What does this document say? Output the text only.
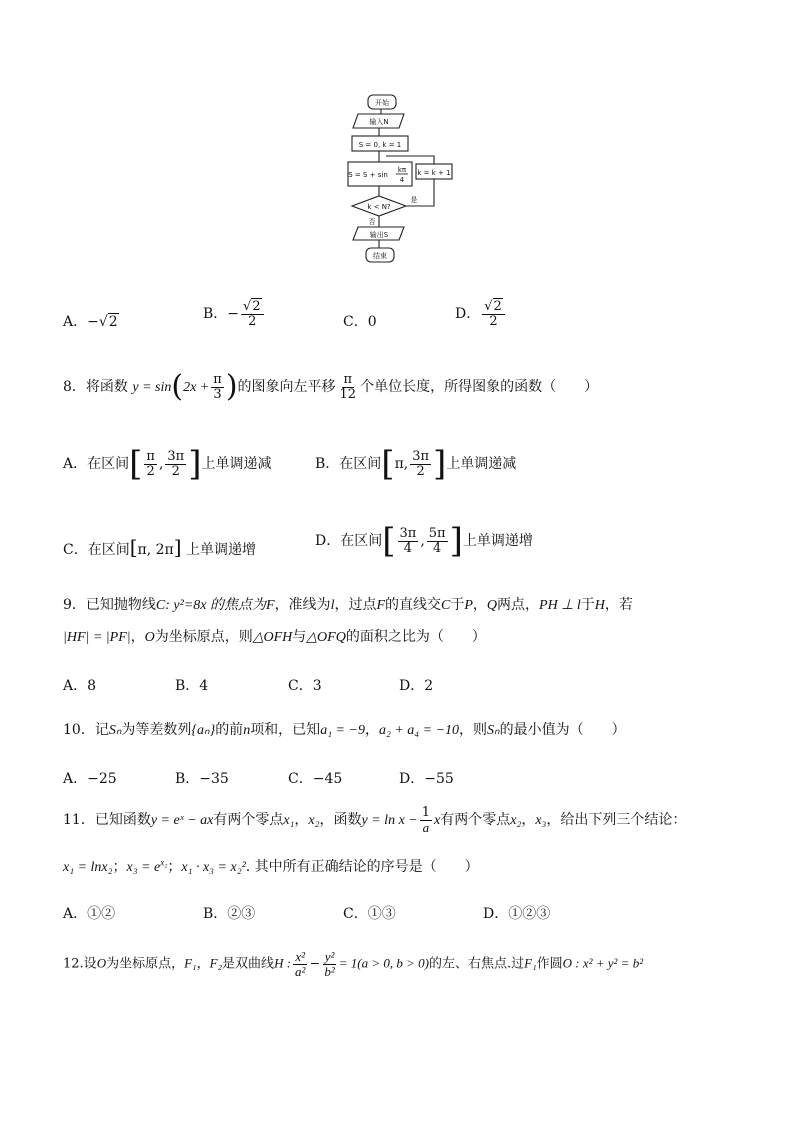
开始
输入N
S = 0, k = 1
S = S + sin
kπ
4
k = k + 1
k < N?
是
否
输出S
结束
A．−√2	B．− $\frac{√2}{2}$	C．0	D． $\frac{√2}{2}$
8．将函数 $y = \sin(2x + \frac{\pi}{3}$ )的图象向左平移 $\frac{\pi}{12}$ 个单位长度，所得图象的函数（　　）
A．在区间[ $\frac{\pi}{2}$ , $\frac{3\pi}{2}$ ]上单调递减	B．在区间[π, $\frac{3\pi}{2}$ ]上单调递减
C．在区间[π, 2π] 上单调递增
D．在区间[ $\frac{3\pi}{4}$ , $\frac{5\pi}{4}$ ]上单调递增
9．已知抛物线C: y²=8x 的焦点为F，准线为l，过点F的直线交C于P，Q两点，PH ⊥ l于H，若
|HF| = |PF|，O为坐标原点，则△OFH与△OFQ的面积之比为（　　）
A．8	B．4	C．3	D．2
10．记Sₙ为等差数列{aₙ}的前n项和，已知a₁ = −9，a₂ + a₄ = −10，则Sₙ的最小值为（　　）
A．−25	B．−35	C．−45	D．−55
11．已知函数y = eˣ − ax有两个零点x₁，x₂，函数$y = \ln x - \frac{1}{a}$ x有两个零点x₂，x₃，给出下列三个结论：
x₁ = lnx₂；$x_3 = e^{x_2}$；x₁ · x₃ = x₂². 其中所有正确结论的序号是（　　）
A．①②	B．②③	C．①③	D．①②③
12.设O为坐标原点，F₁，F₂是双曲线H : $\frac{\text{x²}}{\text{a²}} - \frac{\text{y²}}{\text{b²}} = 1(a > 0$, b > 0)的左、右焦点.过F₁作圆O : x² + y² = b²
